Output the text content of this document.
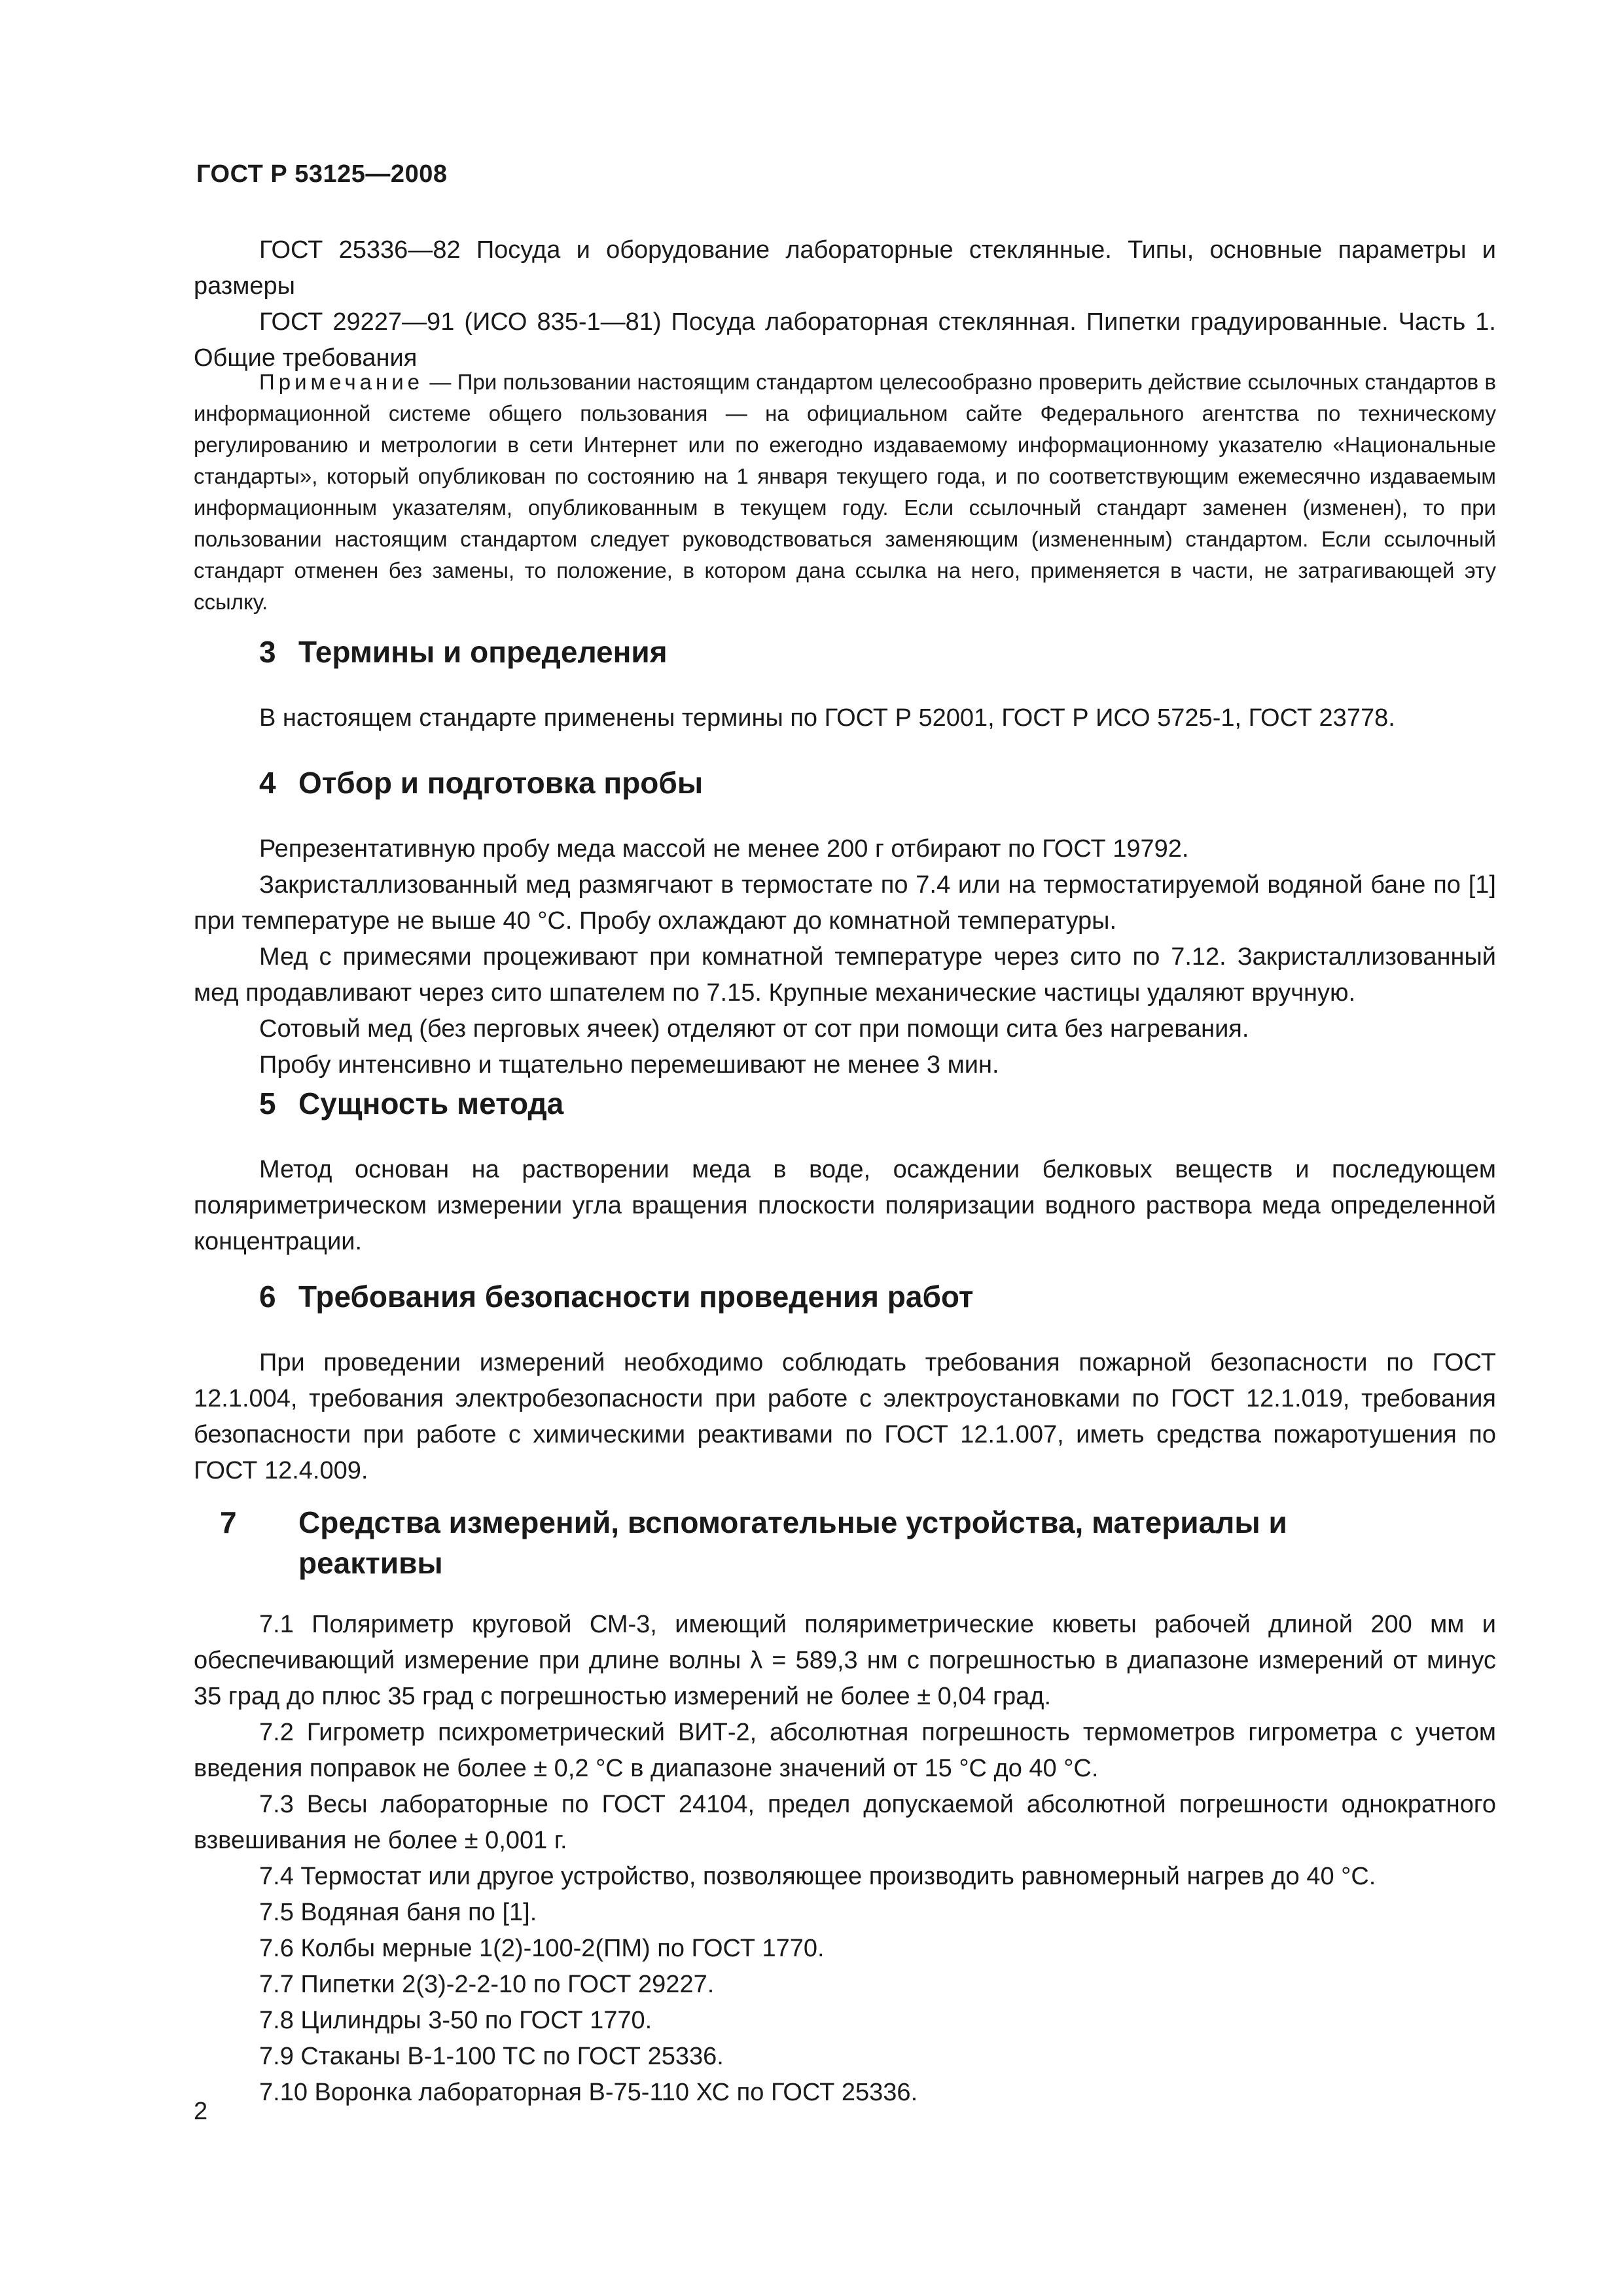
ГОСТ Р 53125—2008

ГОСТ 25336—82 Посуда и оборудование лабораторные стеклянные. Типы, основные параметры и размеры

ГОСТ 29227—91 (ИСО 835-1—81) Посуда лабораторная стеклянная. Пипетки градуированные. Часть 1. Общие требования

Примечание — При пользовании настоящим стандартом целесообразно проверить действие ссылочных стандартов в информационной системе общего пользования — на официальном сайте Федерального агентства по техническому регулированию и метрологии в сети Интернет или по ежегодно издаваемому информационному указателю «Национальные стандарты», который опубликован по состоянию на 1 января текущего года, и по соответствующим ежемесячно издаваемым информационным указателям, опубликованным в текущем году. Если ссылочный стандарт заменен (изменен), то при пользовании настоящим стандартом следует руководствоваться заменяющим (измененным) стандартом. Если ссылочный стандарт отменен без замены, то положение, в котором дана ссылка на него, применяется в части, не затрагивающей эту ссылку.

3 Термины и определения

В настоящем стандарте применены термины по ГОСТ Р 52001, ГОСТ Р ИСО 5725-1, ГОСТ 23778.

4 Отбор и подготовка пробы

Репрезентативную пробу меда массой не менее 200 г отбирают по ГОСТ 19792.

Закристаллизованный мед размягчают в термостате по 7.4 или на термостатируемой водяной бане по [1] при температуре не выше 40 °С. Пробу охлаждают до комнатной температуры.

Мед с примесями процеживают при комнатной температуре через сито по 7.12. Закристаллизованный мед продавливают через сито шпателем по 7.15. Крупные механические частицы удаляют вручную.

Сотовый мед (без перговых ячеек) отделяют от сот при помощи сита без нагревания.

Пробу интенсивно и тщательно перемешивают не менее 3 мин.

5 Сущность метода

Метод основан на растворении меда в воде, осаждении белковых веществ и последующем поляриметрическом измерении угла вращения плоскости поляризации водного раствора меда определенной концентрации.

6 Требования безопасности проведения работ

При проведении измерений необходимо соблюдать требования пожарной безопасности по ГОСТ 12.1.004, требования электробезопасности при работе с электроустановками по ГОСТ 12.1.019, требования безопасности при работе с химическими реактивами по ГОСТ 12.1.007, иметь средства пожаротушения по ГОСТ 12.4.009.

7 Средства измерений, вспомогательные устройства, материалы и реактивы

7.1 Поляриметр круговой СМ-3, имеющий поляриметрические кюветы рабочей длиной 200 мм и обеспечивающий измерение при длине волны λ = 589,3 нм с погрешностью в диапазоне измерений от минус 35 град до плюс 35 град с погрешностью измерений не более ± 0,04 град.

7.2 Гигрометр психрометрический ВИТ-2, абсолютная погрешность термометров гигрометра с учетом введения поправок не более ± 0,2 °С в диапазоне значений от 15 °С до 40 °С.

7.3 Весы лабораторные по ГОСТ 24104, предел допускаемой абсолютной погрешности однократного взвешивания не более ± 0,001 г.

7.4 Термостат или другое устройство, позволяющее производить равномерный нагрев до 40 °С.

7.5 Водяная баня по [1].

7.6 Колбы мерные 1(2)-100-2(ПМ) по ГОСТ 1770.

7.7 Пипетки 2(3)-2-2-10 по ГОСТ 29227.

7.8 Цилиндры 3-50 по ГОСТ 1770.

7.9 Стаканы В-1-100 ТС по ГОСТ 25336.

7.10 Воронка лабораторная В-75-110 ХС по ГОСТ 25336.

2
